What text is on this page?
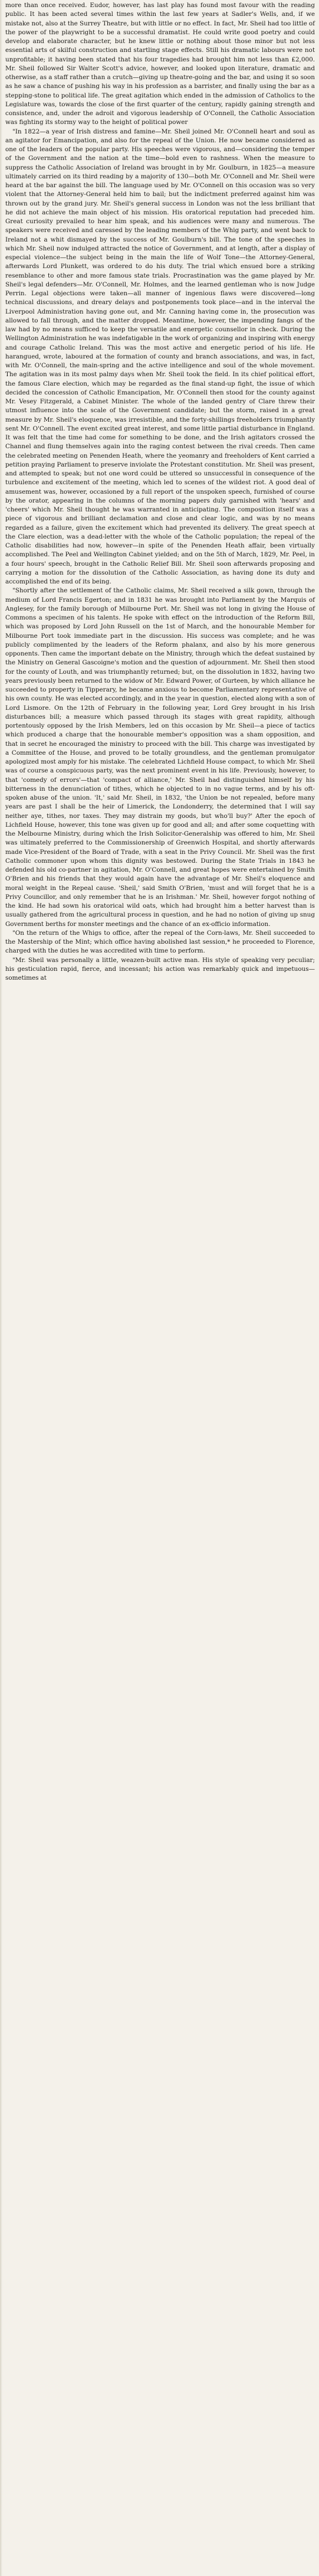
more than once received. Eudor, however, has last play has found most favour with the reading public. It has been acted several times within the last few years at Sadler's Wells, and, if we mistake not, also at the Surrey Theatre, but with little or no effect. In fact, Mr. Sheil had too little of the power of the playwright to be a successful dramatist. He could write good poetry and could develop and elaborate character, but he knew little or nothing about those minor but not less essential arts of skilful construction and startling stage effects. Still his dramatic labours were not unprofitable; it having been stated that his four tragedies had brought him not less than £2,000. Mr. Sheil followed Sir Walter Scott's advice, however, and looked upon literature, dramatic and otherwise, as a staff rather than a crutch—giving up theatre-going and the bar, and using it so soon as he saw a chance of pushing his way in his profession as a barrister, and finally using the bar as a stepping-stone to political life. The great agitation which ended in the admission of Catholics to the Legislature was, towards the close of the first quarter of the century, rapidly gaining strength and consistence, and, under the adroit and vigorous leadership of O'Connell, the Catholic Association was fighting its stormy way to the height of political power

"In 1822—a year of Irish distress and famine—Mr. Sheil joined Mr. O'Connell heart and soul as an agitator for Emancipation, and also for the repeal of the Union. He now became considered as one of the leaders of the popular party. His speeches were vigorous, and—considering the temper of the Government and the nation at the time—bold even to rashness. When the measure to suppress the Catholic Association of Ireland was brought in by Mr. Goulburn, in 1825—a measure ultimately carried on its third reading by a majority of 130—both Mr. O'Connell and Mr. Sheil were heard at the bar against the bill. The language used by Mr. O'Connell on this occasion was so very violent that the Attorney-General held him to bail; but the indictment preferred against him was thrown out by the grand jury. Mr. Sheil's general success in London was not the less brilliant that he did not achieve the main object of his mission. His oratorical reputation had preceded him. Great curiosity prevailed to hear him speak, and his audiences were many and numerous. The speakers were received and caressed by the leading members of the Whig party, and went back to Ireland not a whit dismayed by the success of Mr. Goulburn's bill. The tone of the speeches in which Mr. Sheil now indulged attracted the notice of Government, and at length, after a display of especial violence—the subject being in the main the life of Wolf Tone—the Attorney-General, afterwards Lord Plunkett, was ordered to do his duty. The trial which ensued bore a striking resemblance to other and more famous state trials. Procrastination was the game played by Mr. Sheil's legal defenders—Mr. O'Connell, Mr. Holmes, and the learned gentleman who is now Judge Perrin. Legal objections were taken—all manner of ingenious flaws were discovered—long technical discussions, and dreary delays and postponements took place—and in the interval the Liverpool Administration having gone out, and Mr. Canning having come in, the prosecution was allowed to fall through, and the matter dropped. Meantime, however, the impending fangs of the law had by no means sufficed to keep the versatile and energetic counsellor in check. During the Wellington Administration he was indefatigable in the work of organizing and inspiring with energy and courage Catholic Ireland. This was the most active and energetic period of his life. He harangued, wrote, laboured at the formation of county and branch associations, and was, in fact, with Mr. O'Connell, the main-spring and the active intelligence and soul of the whole movement. The agitation was in its most palmy days when Mr. Sheil took the field. In its chief political effort, the famous Clare election, which may be regarded as the final stand-up fight, the issue of which decided the concession of Catholic Emancipation, Mr. O'Connell then stood for the county against Mr. Vesey Fitzgerald, a Cabinet Minister. The whole of the landed gentry of Clare threw their utmost influence into the scale of the Government candidate; but the storm, raised in a great measure by Mr. Sheil's eloquence, was irresistible, and the forty-shillings freeholders triumphantly sent Mr. O'Connell. The event excited great interest, and some little partial disturbance in England. It was felt that the time had come for something to be done, and the Irish agitators crossed the Channel and flung themselves again into the raging contest between the rival creeds. Then came the celebrated meeting on Penenden Heath, where the yeomanry and freeholders of Kent carried a petition praying Parliament to preserve inviolate the Protestant constitution. Mr. Sheil was present, and attempted to speak; but not one word could be uttered so unsuccessful in consequence of the turbulence and excitement of the meeting, which led to scenes of the wildest riot. A good deal of amusement was, however, occasioned by a full report of the unspoken speech, furnished of course by the orator, appearing in the columns of the morning papers duly garnished with 'hears' and 'cheers' which Mr. Sheil thought he was warranted in anticipating. The composition itself was a piece of vigorous and brilliant declamation and close and clear logic, and was by no means regarded as a failure, given the excitement which had prevented its delivery. The great speech at the Clare election, was a dead-letter with the whole of the Catholic population; the repeal of the Catholic disabilities had now, however—in spite of the Penenden Heath affair, been virtually accomplished. The Peel and Wellington Cabinet yielded; and on the 5th of March, 1829, Mr. Peel, in a four hours' speech, brought in the Catholic Relief Bill. Mr. Sheil soon afterwards proposing and carrying a motion for the dissolution of the Catholic Association, as having done its duty and accomplished the end of its being.

"Shortly after the settlement of the Catholic claims, Mr. Sheil received a silk gown, through the medium of Lord Francis Egerton; and in 1831 he was brought into Parliament by the Marquis of Anglesey, for the family borough of Milbourne Port. Mr. Sheil was not long in giving the House of Commons a specimen of his talents. He spoke with effect on the introduction of the Reform Bill, which was proposed by Lord John Russell on the 1st of March, and the honourable Member for Milbourne Port took immediate part in the discussion. His success was complete; and he was publicly complimented by the leaders of the Reform phalanx, and also by his more generous opponents. Then came the important debate on the Ministry, through which the defeat sustained by the Ministry on General Gascoigne's motion and the question of adjournment. Mr. Sheil then stood for the county of Louth, and was triumphantly returned; but, on the dissolution in 1832, having two years previously been returned to the widow of Mr. Edward Power, of Gurteen, by which alliance he succeeded to property in Tipperary, he became anxious to become Parliamentary representative of his own county. He was elected accordingly, and in the year in question, elected along with a son of Lord Lismore. On the 12th of February in the following year, Lord Grey brought in his Irish disturbances bill; a measure which passed through its stages with great rapidity, although portentously opposed by the Irish Members, led on this occasion by Mr. Sheil—a piece of tactics which produced a charge that the honourable member's opposition was a sham opposition, and that in secret he encouraged the ministry to proceed with the bill. This charge was investigated by a Committee of the House, and proved to be totally groundless, and the gentleman promulgator apologized most amply for his mistake. The celebrated Lichfield House compact, to which Mr. Sheil was of course a conspicuous party, was the next prominent event in his life. Previously, however, to that 'comedy of errors'—that 'compact of alliance,' Mr. Sheil had distinguished himself by his bitterness in the denunciation of tithes, which he objected to in no vague terms, and by his oft-spoken abuse of the union. 'It,' said Mr. Sheil, in 1832, 'the Union be not repealed, before many years are past I shall be the heir of Limerick, the Londonderry, the determined that I will say neither aye, tithes, nor taxes. They may distrain my goods, but who'll buy?' After the epoch of Lichfield House, however, this tone was given up for good and all; and after some coquetting with the Melbourne Ministry, during which the Irish Solicitor-Generalship was offered to him, Mr. Sheil was ultimately preferred to the Commissionership of Greenwich Hospital, and shortly afterwards made Vice-President of the Board of Trade, with a seat in the Privy Council. Mr. Sheil was the first Catholic commoner upon whom this dignity was bestowed. During the State Trials in 1843 he defended his old co-partner in agitation, Mr. O'Connell, and great hopes were entertained by Smith O'Brien and his friends that they would again have the advantage of Mr. Sheil's eloquence and moral weight in the Repeal cause. 'Sheil,' said Smith O'Brien, 'must and will forget that he is a Privy Councillor, and only remember that he is an Irishman.' Mr. Sheil, however forgot nothing of the kind. He had sown his oratorical wild oats, which had brought him a better harvest than is usually gathered from the agricultural process in question, and he had no notion of giving up snug Government berths for monster meetings and the chance of an ex-officio information.

"On the return of the Whigs to office, after the repeal of the Corn-laws, Mr. Sheil succeeded to the Mastership of the Mint; which office having abolished last session,* he proceeded to Florence, charged with the duties he was accredited with time to perform.

"Mr. Sheil was personally a little, weazen-built active man. His style of speaking very peculiar; his gesticulation rapid, fierce, and incessant; his action was remarkably quick and impetuous—sometimes at
